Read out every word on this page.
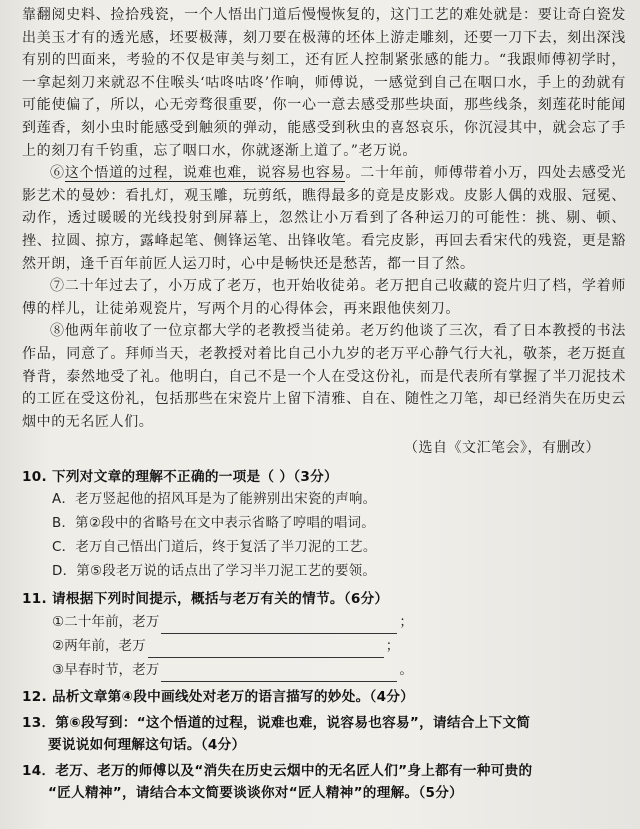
靠翻阅史料、捡拾残瓷，一个人悟出门道后慢慢恢复的，这门工艺的难处就是：要让奇白瓷发出美玉才有的透光感，坯要极薄，刻刀要在极薄的坯体上游走雕刻，还要一刀下去，刻出深浅有别的凹面来，考验的不仅是审美与刻工，还有匠人控制紧张感的能力。“我跟师傅初学时，一拿起刻刀来就忍不住喉头‘咕咚咕咚’作响，师傅说，一感觉到自己在咽口水，手上的劲就有可能使偏了，所以，心无旁骛很重要，你一心一意去感受那些块面，那些线条，刻莲花时能闻到莲香，刻小虫时能感受到触须的弹动，能感受到秋虫的喜怒哀乐，你沉浸其中，就会忘了手上的刻刀有千钧重，忘了咽口水，你就逐渐上道了。”老万说。

⑥这个悟道的过程，说难也难，说容易也容易。二十年前，师傅带着小万，四处去感受光影艺术的曼妙：看扎灯，观玉雕，玩剪纸，瞧得最多的竟是皮影戏。皮影人偶的戏服、冠冕、动作，透过暖暖的光线投射到屏幕上，忽然让小万看到了各种运刀的可能性：挑、剔、顿、挫、拉圆、掠方，露峰起笔、侧锋运笔、出锋收笔。看完皮影，再回去看宋代的残瓷，更是豁然开朗，逢千百年前匠人运刀时，心中是畅快还是愁苦，都一目了然。

⑦二十年过去了，小万成了老万，也开始收徒弟。老万把自己收藏的瓷片归了档，学着师傅的样儿，让徒弟观瓷片，写两个月的心得体会，再来跟他侠刻刀。

⑧他两年前收了一位京都大学的老教授当徒弟。老万约他谈了三次，看了日本教授的书法作品，同意了。拜师当天，老教授对着比自己小九岁的老万平心静气行大礼，敬茶，老万挺直脊背，泰然地受了礼。他明白，自己不是一个人在受这份礼，而是代表所有掌握了半刀泥技术的工匠在受这份礼，包括那些在宋瓷片上留下清雅、自在、随性之刀笔，却已经消失在历史云烟中的无名匠人们。

（选自《文汇笔会》，有删改）

10. 下列对文章的理解不正确的一项是（ ）（3分）

A．老万竖起他的招风耳是为了能辨别出宋瓷的声响。

B．第②段中的省略号在文中表示省略了哼唱的唱词。

C．老万自己悟出门道后，终于复活了半刀泥的工艺。

D．第⑤段老万说的话点出了学习半刀泥工艺的要领。

11. 请根据下列时间提示，概括与老万有关的情节。（6分）

①二十年前，老万	；
②两年前，老万	；
③早春时节，老万	。

12. 品析文章第④段中画线处对老万的语言描写的妙处。（4分）

13．第⑥段写到：“这个悟道的过程，说难也难，说容易也容易”，请结合上下文简

要说说如何理解这句话。（4分）

14．老万、老万的师傅以及“消失在历史云烟中的无名匠人们”身上都有一种可贵的

“匠人精神”，请结合本文简要谈谈你对“匠人精神”的理解。（5分）
